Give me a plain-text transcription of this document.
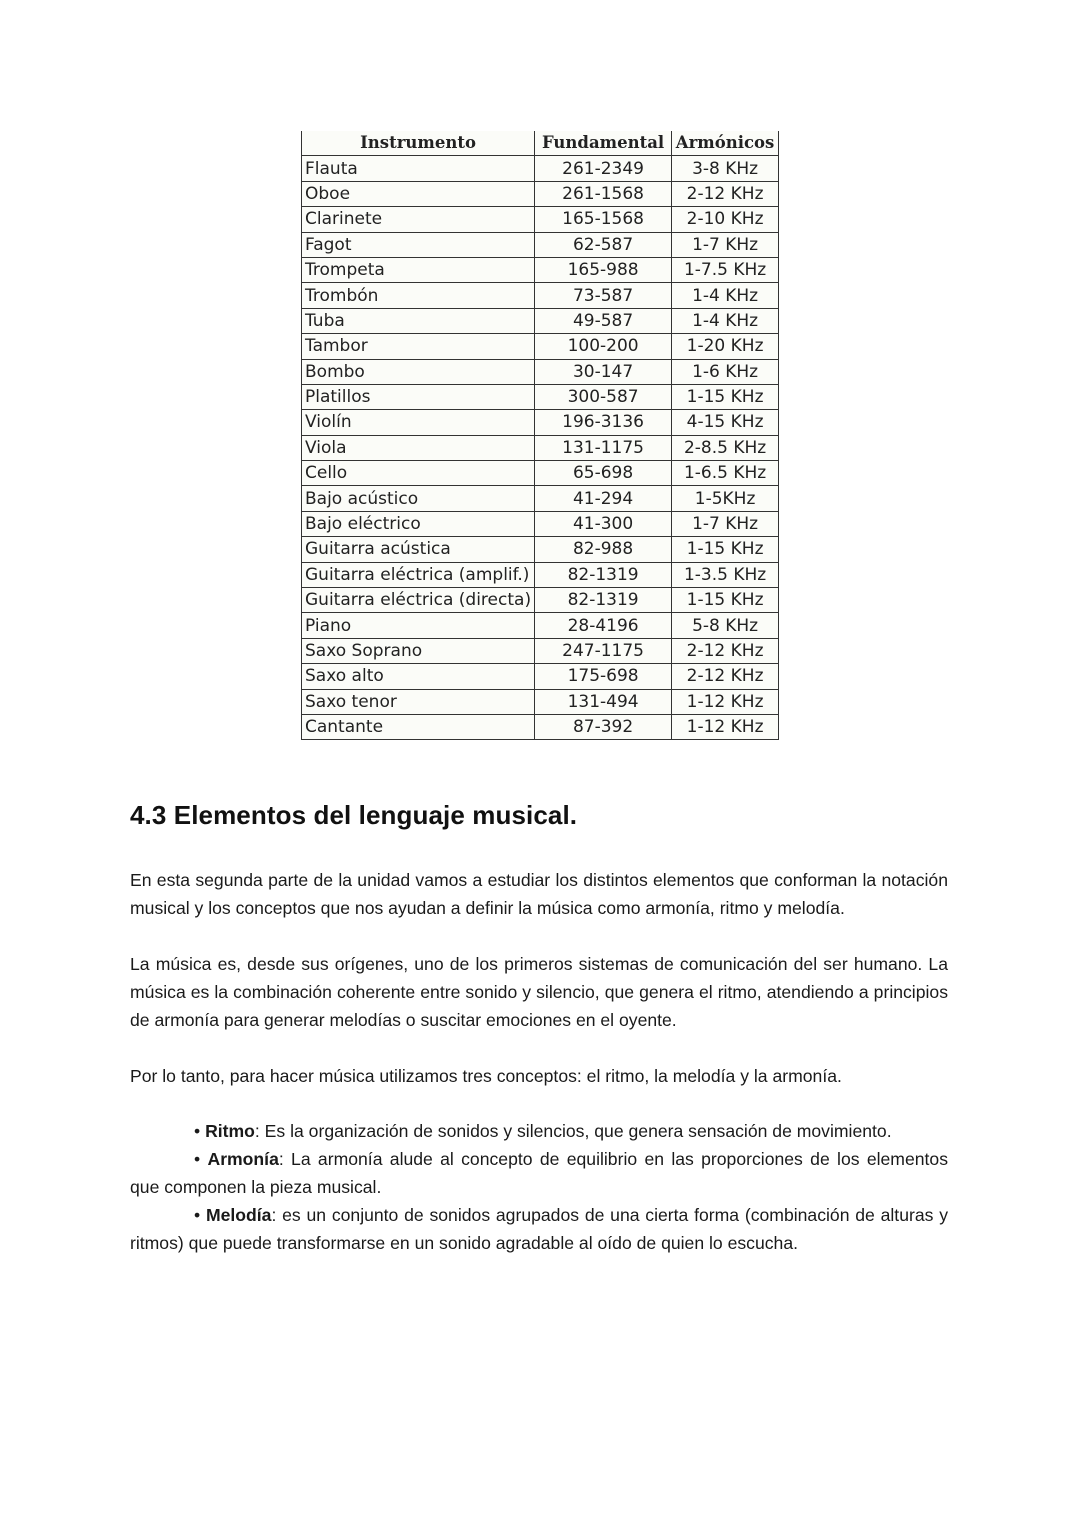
Instrumento	Fundamental	Armónicos
Flauta	261-2349	3-8 KHz
Oboe	261-1568	2-12 KHz
Clarinete	165-1568	2-10 KHz
Fagot	62-587	1-7 KHz
Trompeta	165-988	1-7.5 KHz
Trombón	73-587	1-4 KHz
Tuba	49-587	1-4 KHz
Tambor	100-200	1-20 KHz
Bombo	30-147	1-6 KHz
Platillos	300-587	1-15 KHz
Violín	196-3136	4-15 KHz
Viola	131-1175	2-8.5 KHz
Cello	65-698	1-6.5 KHz
Bajo acústico	41-294	1-5KHz
Bajo eléctrico	41-300	1-7 KHz
Guitarra acústica	82-988	1-15 KHz
Guitarra eléctrica (amplif.)	82-1319	1-3.5 KHz
Guitarra eléctrica (directa)	82-1319	1-15 KHz
Piano	28-4196	5-8 KHz
Saxo Soprano	247-1175	2-12 KHz
Saxo alto	175-698	2-12 KHz
Saxo tenor	131-494	1-12 KHz
Cantante	87-392	1-12 KHz
4.3 Elementos del lenguaje musical.

En esta segunda parte de la unidad vamos a estudiar los distintos elementos que conforman la notación musical y los conceptos que nos ayudan a definir la música como armonía, ritmo y melodía.

La música es, desde sus orígenes, uno de los primeros sistemas de comunicación del ser humano. La música es la combinación coherente entre sonido y silencio, que genera el ritmo, atendiendo a principios de armonía para generar melodías o suscitar emociones en el oyente.

Por lo tanto, para hacer música utilizamos tres conceptos: el ritmo, la melodía y la armonía.

• Ritmo: Es la organización de sonidos y silencios, que genera sensación de movimiento.

• Armonía: La armonía alude al concepto de equilibrio en las proporciones de los elementos que componen la pieza musical.

• Melodía: es un conjunto de sonidos agrupados de una cierta forma (combinación de alturas y ritmos) que puede transformarse en un sonido agradable al oído de quien lo escucha.
